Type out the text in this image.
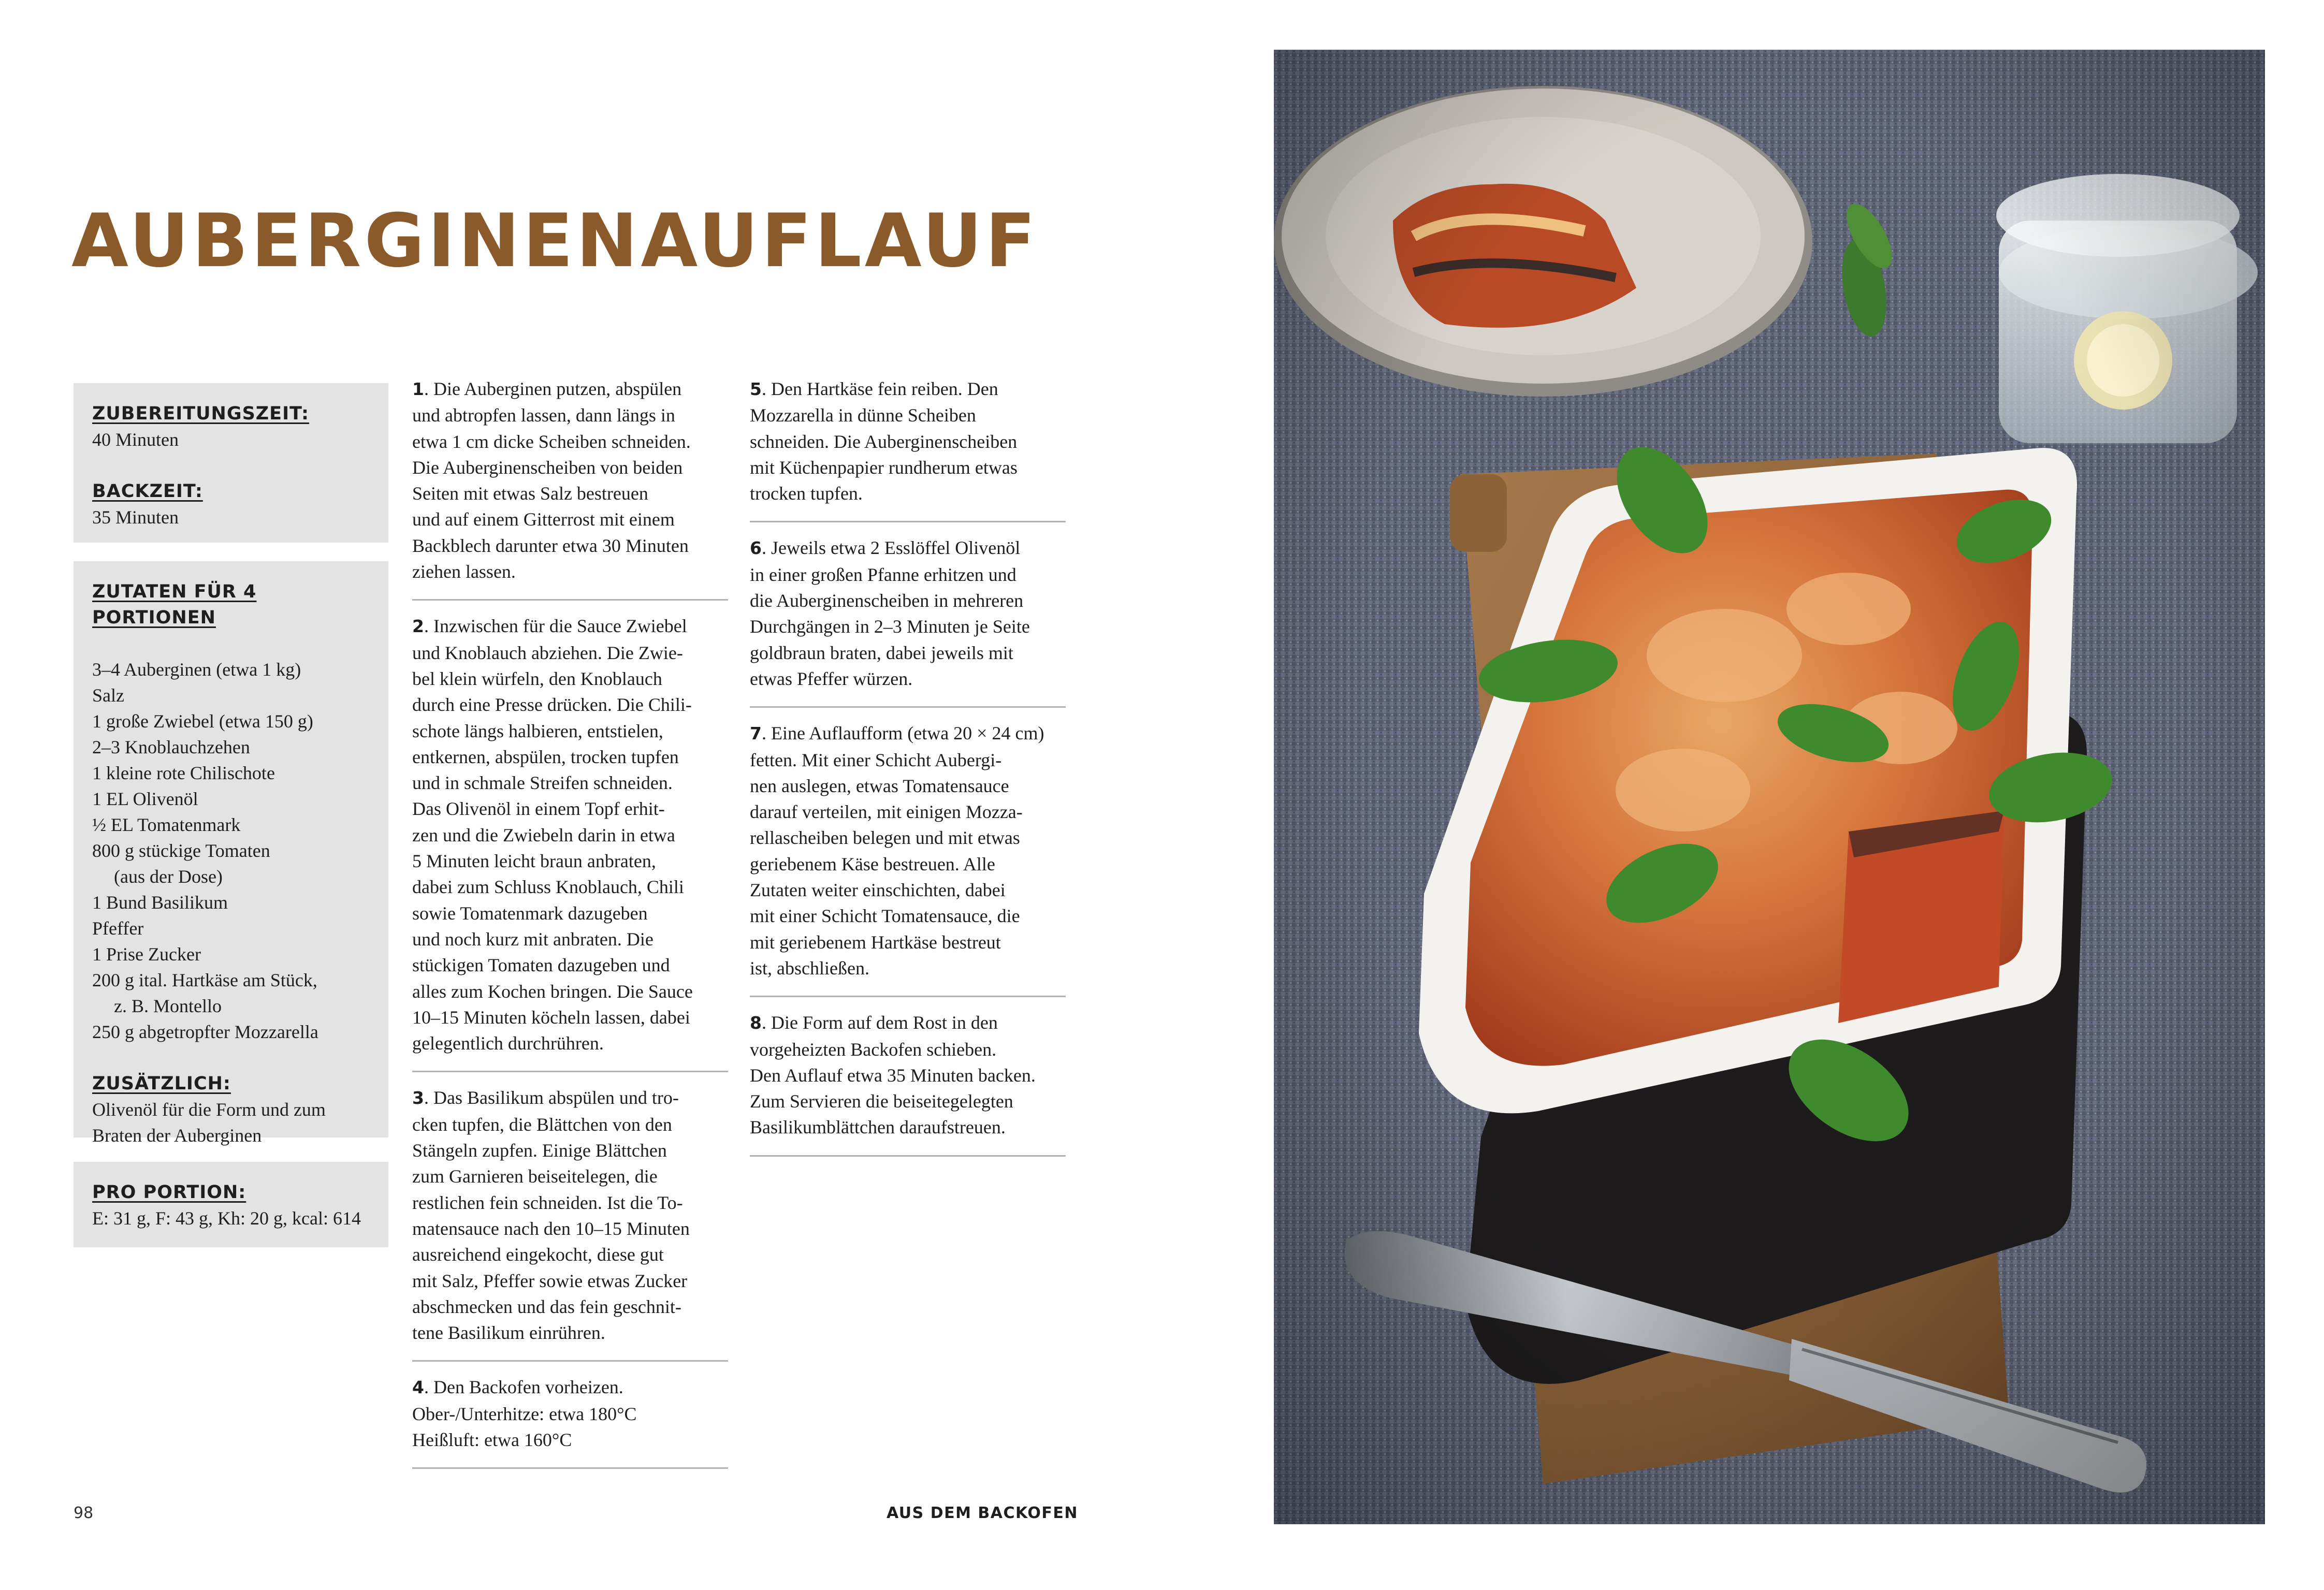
AUBERGINENAUFLAUF
ZUBEREITUNGSZEIT:
40 Minuten
BACKZEIT:
35 Minuten
ZUTATEN FÜR 4 PORTIONEN
3–4 Auberginen (etwa 1 kg)
Salz
1 große Zwiebel (etwa 150 g)
2–3 Knoblauchzehen
1 kleine rote Chilischote
1 EL Olivenöl
½ EL Tomatenmark
800 g stückige Tomaten
(aus der Dose)
1 Bund Basilikum
Pfeffer
1 Prise Zucker
200 g ital. Hartkäse am Stück,
z. B. Montello
250 g abgetropfter Mozzarella
ZUSÄTZLICH:
Olivenöl für die Form und zum
Braten der Auberginen
PRO PORTION:
E: 31 g, F: 43 g, Kh: 20 g, kcal: 614
1. Die Auberginen putzen, abspülen
und abtropfen lassen, dann längs in
etwa 1 cm dicke Scheiben schneiden.
Die Auberginenscheiben von beiden
Seiten mit etwas Salz bestreuen
und auf einem Gitterrost mit einem
Backblech darunter etwa 30 Minuten
ziehen lassen.
2. Inzwischen für die Sauce Zwiebel
und Knoblauch abziehen. Die Zwie-
bel klein würfeln, den Knoblauch
durch eine Presse drücken. Die Chili-
schote längs halbieren, entstielen,
entkernen, abspülen, trocken tupfen
und in schmale Streifen schneiden.
Das Olivenöl in einem Topf erhit-
zen und die Zwiebeln darin in etwa
5 Minuten leicht braun anbraten,
dabei zum Schluss Knoblauch, Chili
sowie Tomatenmark dazugeben
und noch kurz mit anbraten. Die
stückigen Tomaten dazugeben und
alles zum Kochen bringen. Die Sauce
10–15 Minuten köcheln lassen, dabei
gelegentlich durchrühren.
3. Das Basilikum abspülen und tro-
cken tupfen, die Blättchen von den
Stängeln zupfen. Einige Blättchen
zum Garnieren beiseitelegen, die
restlichen fein schneiden. Ist die To-
matensauce nach den 10–15 Minuten
ausreichend eingekocht, diese gut
mit Salz, Pfeffer sowie etwas Zucker
abschmecken und das fein geschnit-
tene Basilikum einrühren.
4. Den Backofen vorheizen.
Ober-/Unterhitze: etwa 180°C
Heißluft: etwa 160°C
5. Den Hartkäse fein reiben. Den
Mozzarella in dünne Scheiben
schneiden. Die Auberginenscheiben
mit Küchenpapier rundherum etwas
trocken tupfen.
6. Jeweils etwa 2 Esslöffel Olivenöl
in einer großen Pfanne erhitzen und
die Auberginenscheiben in mehreren
Durchgängen in 2–3 Minuten je Seite
goldbraun braten, dabei jeweils mit
etwas Pfeffer würzen.
7. Eine Auflaufform (etwa 20 × 24 cm)
fetten. Mit einer Schicht Aubergi-
nen auslegen, etwas Tomatensauce
darauf verteilen, mit einigen Mozza-
rellascheiben belegen und mit etwas
geriebenem Käse bestreuen. Alle
Zutaten weiter einschichten, dabei
mit einer Schicht Tomatensauce, die
mit geriebenem Hartkäse bestreut
ist, abschließen.
8. Die Form auf dem Rost in den
vorgeheizten Backofen schieben.
Den Auflauf etwa 35 Minuten backen.
Zum Servieren die beiseitegelegten
Basilikumblättchen daraufstreuen.
98	AUS DEM BACKOFEN
